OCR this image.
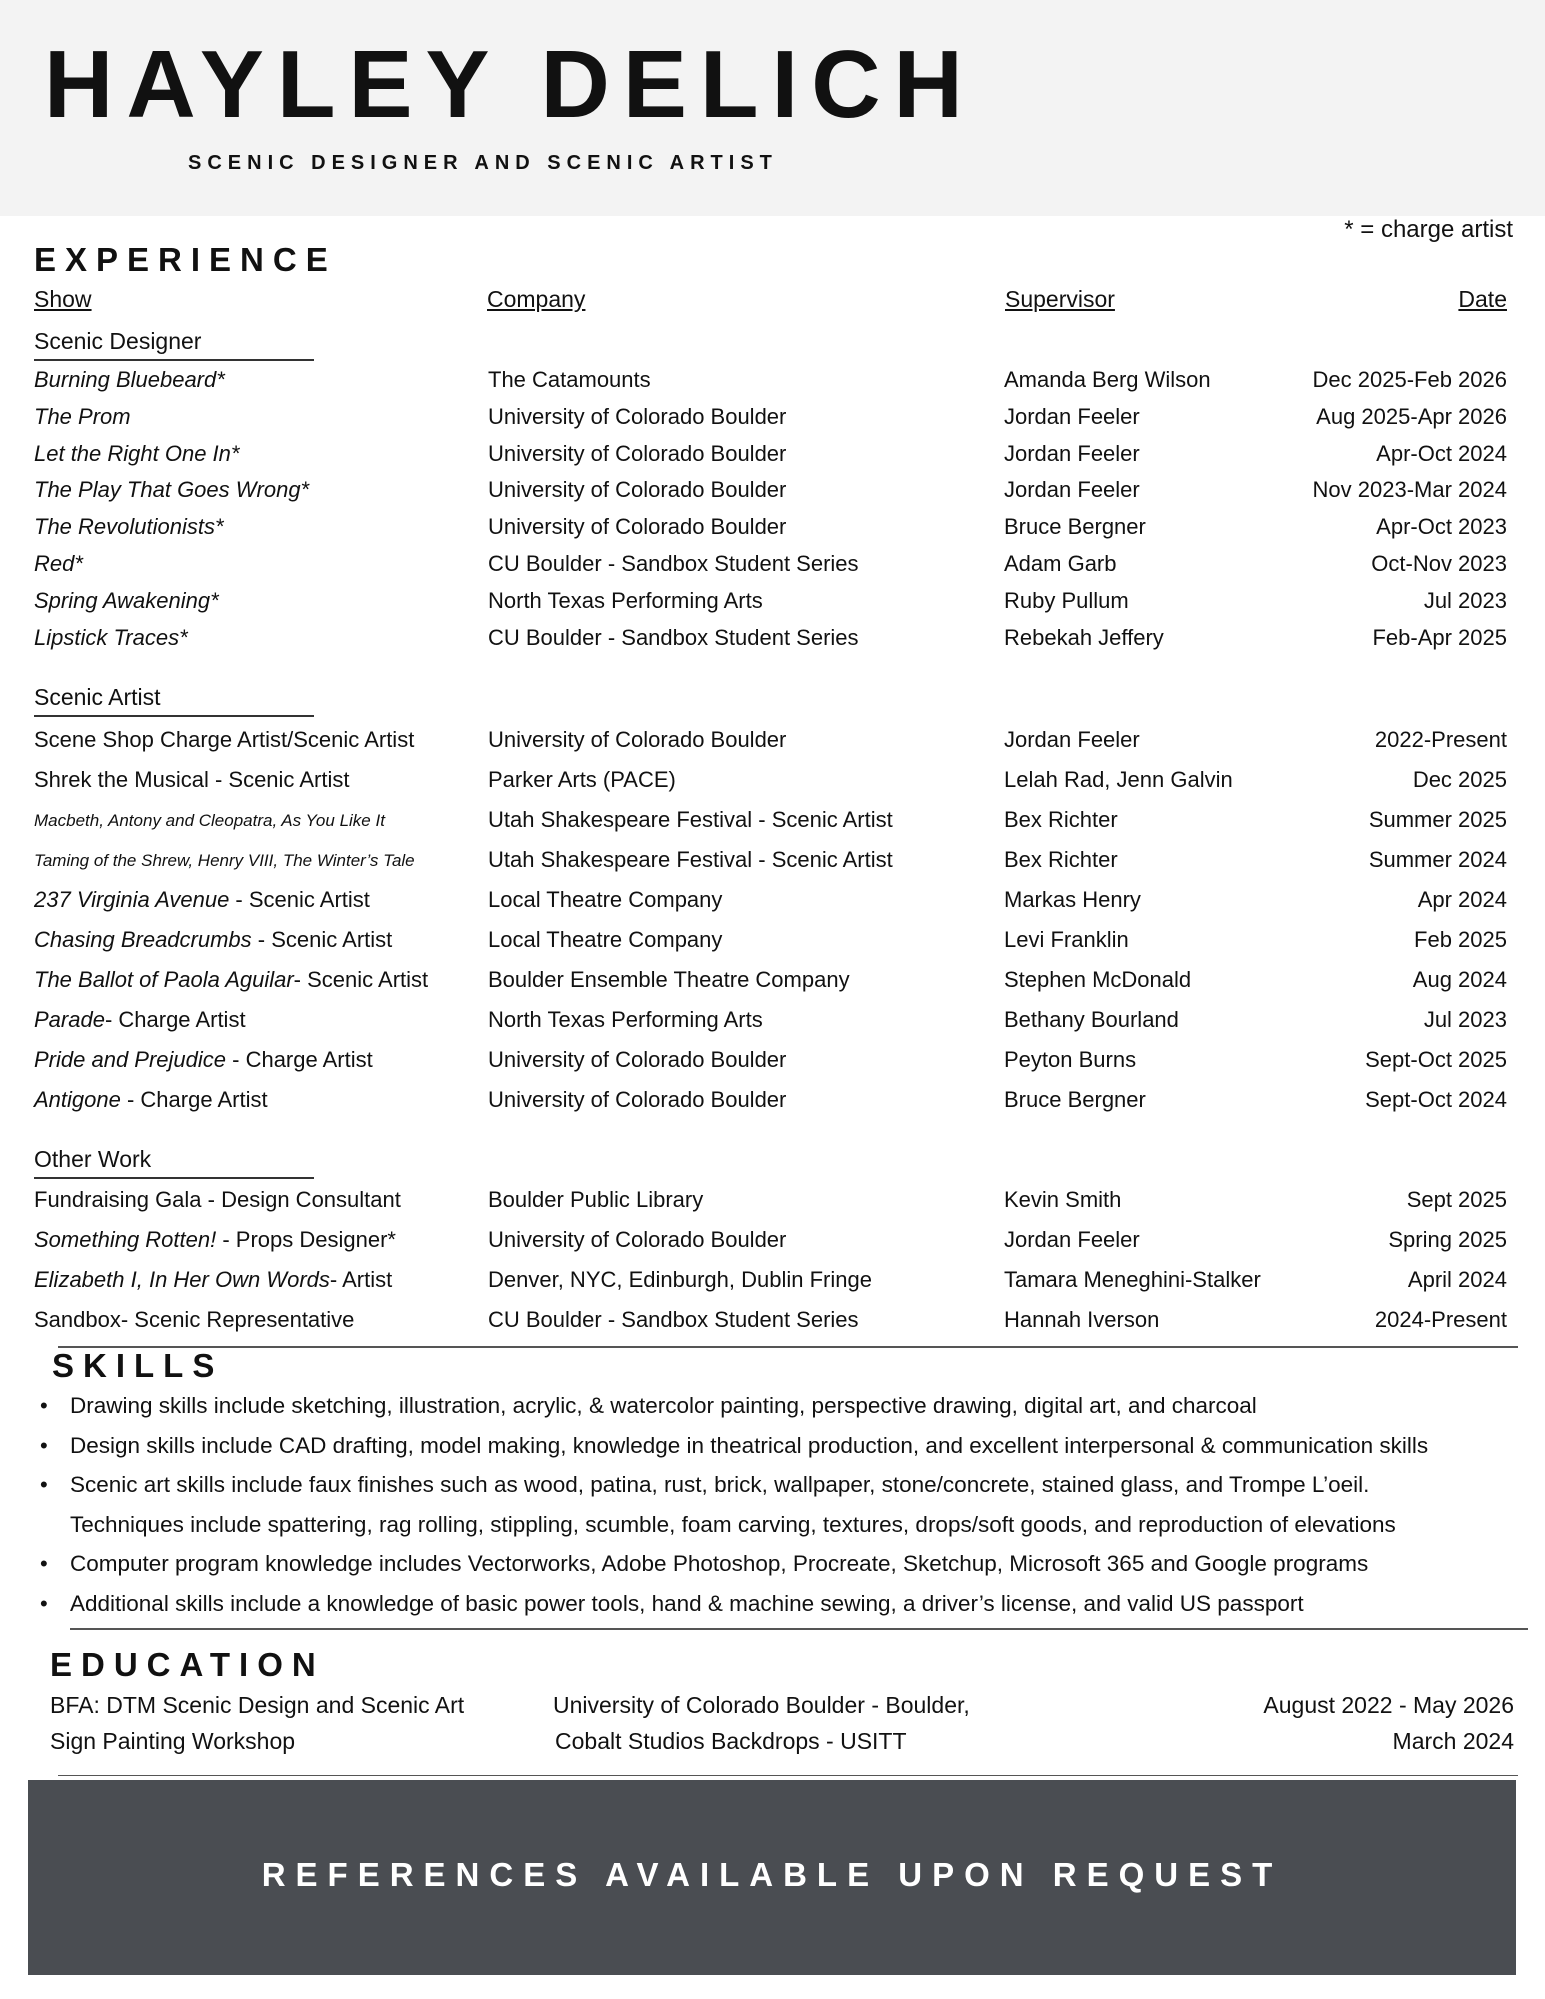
HAYLEY DELICH
SCENIC DESIGNER AND SCENIC ARTIST
* = charge artist
EXPERIENCE
Show	Company	Supervisor	Date
Scenic Designer
Burning Bluebeard*	The Catamounts	Amanda Berg Wilson	Dec 2025-Feb 2026
The Prom	University of Colorado Boulder	Jordan Feeler	Aug 2025-Apr 2026
Let the Right One In*	University of Colorado Boulder	Jordan Feeler	Apr-Oct 2024
The Play That Goes Wrong*	University of Colorado Boulder	Jordan Feeler	Nov 2023-Mar 2024
The Revolutionists*	University of Colorado Boulder	Bruce Bergner	Apr-Oct 2023
Red*	CU Boulder - Sandbox Student Series	Adam Garb	Oct-Nov 2023
Spring Awakening*	North Texas Performing Arts	Ruby Pullum	Jul 2023
Lipstick Traces*	CU Boulder - Sandbox Student Series	Rebekah Jeffery	Feb-Apr 2025
Scenic Artist
Scene Shop Charge Artist/Scenic Artist	University of Colorado Boulder	Jordan Feeler	2022-Present
Shrek the Musical - Scenic Artist	Parker Arts (PACE)	Lelah Rad, Jenn Galvin	Dec 2025
Macbeth, Antony and Cleopatra, As You Like It	Utah Shakespeare Festival - Scenic Artist	Bex Richter	Summer 2025
Taming of the Shrew, Henry VIII, The Winter’s Tale	Utah Shakespeare Festival - Scenic Artist	Bex Richter	Summer 2024
237 Virginia Avenue - Scenic Artist	Local Theatre Company	Markas Henry	Apr 2024
Chasing Breadcrumbs - Scenic Artist	Local Theatre Company	Levi Franklin	Feb 2025
The Ballot of Paola Aguilar- Scenic Artist	Boulder Ensemble Theatre Company	Stephen McDonald	Aug 2024
Parade- Charge Artist	North Texas Performing Arts	Bethany Bourland	Jul 2023
Pride and Prejudice - Charge Artist	University of Colorado Boulder	Peyton Burns	Sept-Oct 2025
Antigone - Charge Artist	University of Colorado Boulder	Bruce Bergner	Sept-Oct 2024
Other Work
Fundraising Gala - Design Consultant	Boulder Public Library	Kevin Smith	Sept 2025
Something Rotten! - Props Designer*	University of Colorado Boulder	Jordan Feeler	Spring 2025
Elizabeth I, In Her Own Words- Artist	Denver, NYC, Edinburgh, Dublin Fringe	Tamara Meneghini-Stalker	April 2024
Sandbox- Scenic Representative	CU Boulder - Sandbox Student Series	Hannah Iverson	2024-Present
SKILLS
• Drawing skills include sketching, illustration, acrylic, & watercolor painting, perspective drawing, digital art, and charcoal
• Design skills include CAD drafting, model making, knowledge in theatrical production, and excellent interpersonal & communication skills
• Scenic art skills include faux finishes such as wood, patina, rust, brick, wallpaper, stone/concrete, stained glass, and Trompe L’oeil.
Techniques include spattering, rag rolling, stippling, scumble, foam carving, textures, drops/soft goods, and reproduction of elevations
• Computer program knowledge includes Vectorworks, Adobe Photoshop, Procreate, Sketchup, Microsoft 365 and Google programs
• Additional skills include a knowledge of basic power tools, hand & machine sewing, a driver’s license, and valid US passport
EDUCATION
BFA: DTM Scenic Design and Scenic Art	University of Colorado Boulder - Boulder,	August 2022 - May 2026
Sign Painting Workshop	Cobalt Studios Backdrops - USITT	March 2024
REFERENCES AVAILABLE UPON REQUEST
